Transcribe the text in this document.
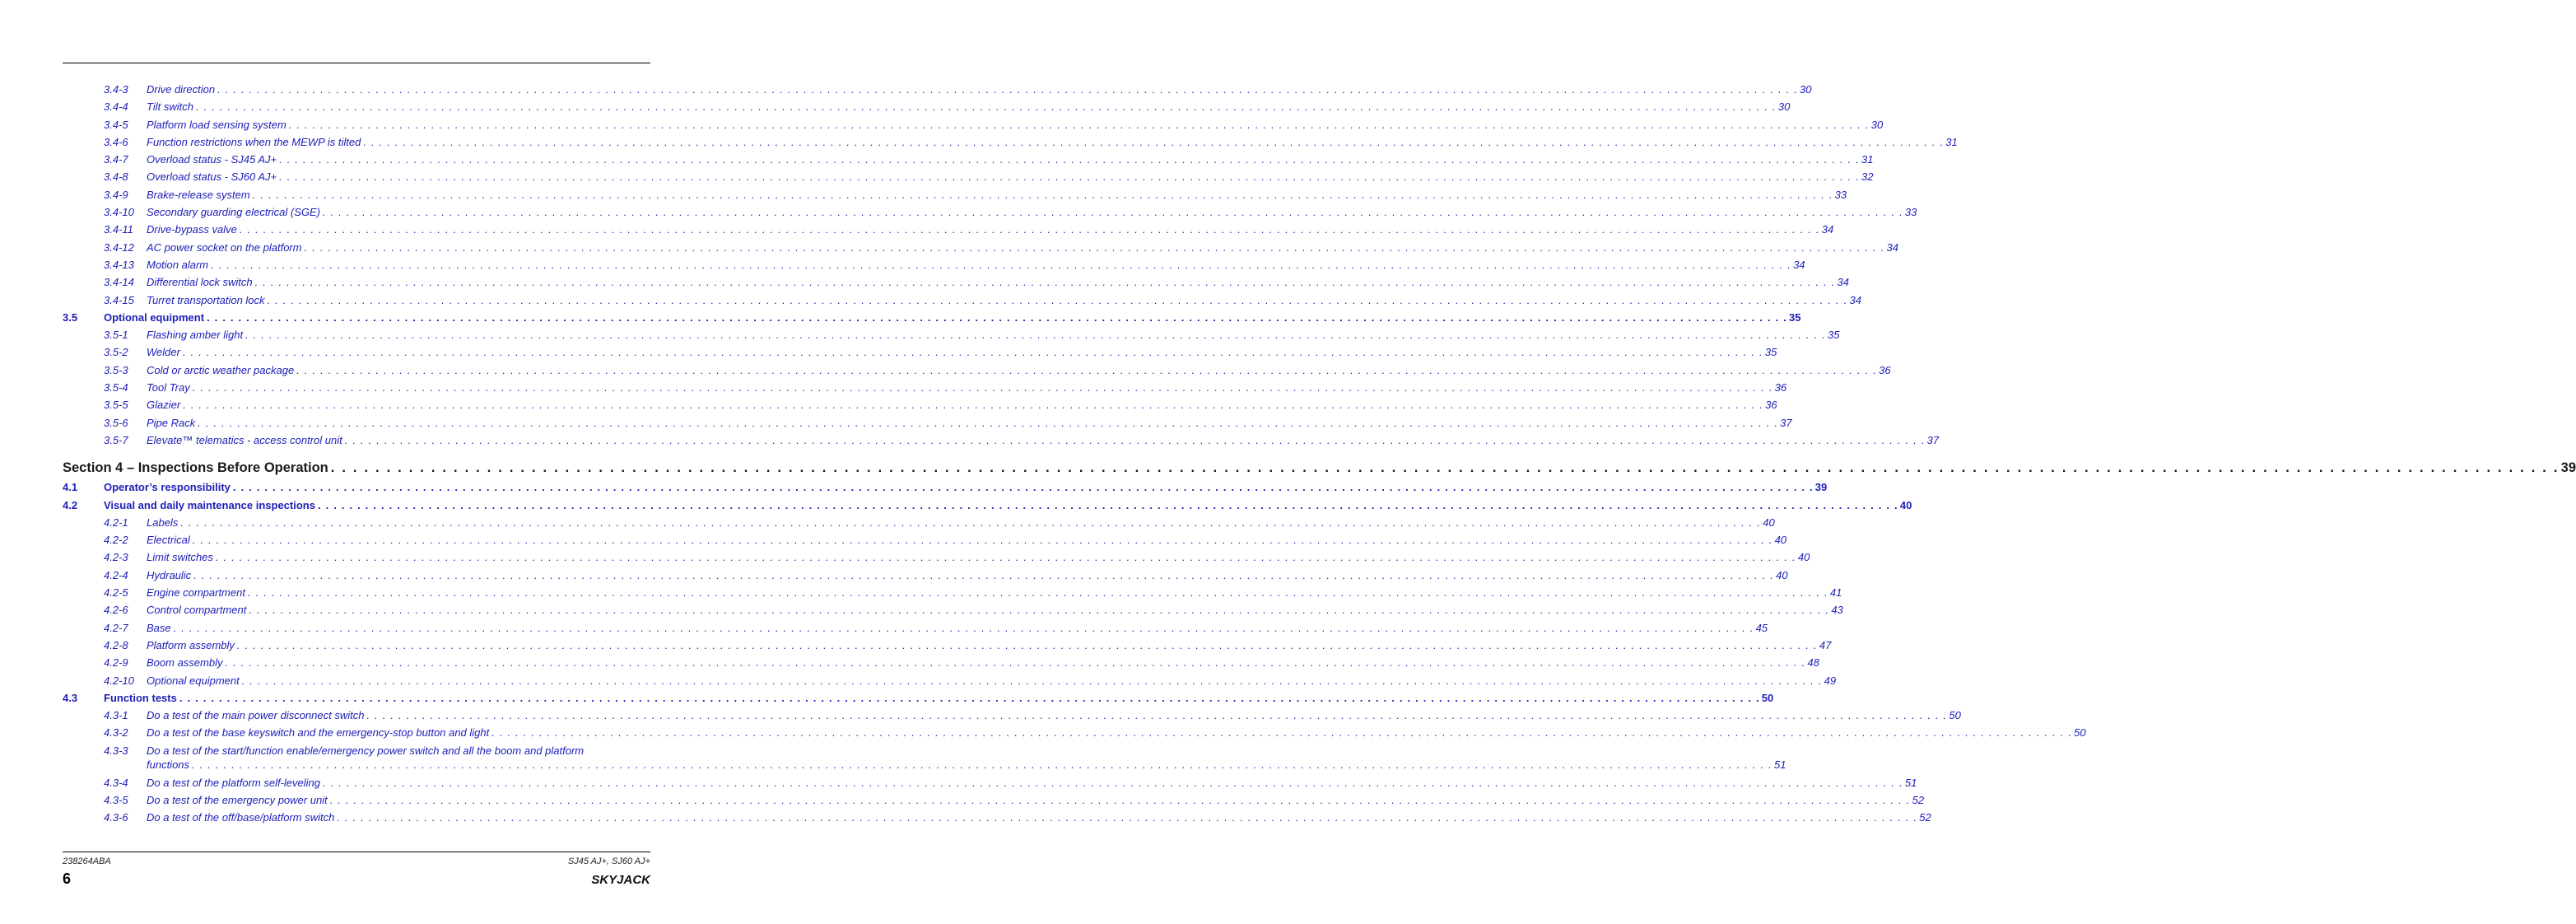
3.4-3	Drive direction . . . . . . . . . . . . . . . . . . . . . . . . . . . . . . . . . . . . . . . . . . . . . . . . . . . . . . . . . . . . . . . . . . . . . . . . . . . . . . . . . . . . . . . . . . . . . . . . . . . . . . . . . . . . . . . . . . . . . . . . . . . . . . . . . . . . . . . . . . . . . . . . . . . . . . . . . . . . . . . . . . . . . . . . . . . . . . . . . . . . . . . . . . . . . . . . . . . . . . . . 30
3.4-4	Tilt switch . . . . . . . . . . . . . . . . . . . . . . . . . . . . . . . . . . . . . . . . . . . . . . . . . . . . . . . . . . . . . . . . . . . . . . . . . . . . . . . . . . . . . . . . . . . . . . . . . . . . . . . . . . . . . . . . . . . . . . . . . . . . . . . . . . . . . . . . . . . . . . . . . . . . . . . . . . . . . . . . . . . . . . . . . . . . . . . . . . . . . . . . . . . . . . . . . . . . . . . . 30
3.4-5	Platform load sensing system . . . . . . . . . . . . . . . . . . . . . . . . . . . . . . . . . . . . . . . . . . . . . . . . . . . . . . . . . . . . . . . . . . . . . . . . . . . . . . . . . . . . . . . . . . . . . . . . . . . . . . . . . . . . . . . . . . . . . . . . . . . . . . . . . . . . . . . . . . . . . . . . . . . . . . . . . . . . . . . . . . . . . . . . . . . . . . . . . . . . . . . . . . . . . . . . . . . . . . . . 30
3.4-6	Function restrictions when the MEWP is tilted . . . . . . . . . . . . . . . . . . . . . . . . . . . . . . . . . . . . . . . . . . . . . . . . . . . . . . . . . . . . . . . . . . . . . . . . . . . . . . . . . . . . . . . . . . . . . . . . . . . . . . . . . . . . . . . . . . . . . . . . . . . . . . . . . . . . . . . . . . . . . . . . . . . . . . . . . . . . . . . . . . . . . . . . . . . . . . . . . . . . . . . . . . . . . . . . . . . . . . . . 31
3.4-7	Overload status - SJ45 AJ+ . . . . . . . . . . . . . . . . . . . . . . . . . . . . . . . . . . . . . . . . . . . . . . . . . . . . . . . . . . . . . . . . . . . . . . . . . . . . . . . . . . . . . . . . . . . . . . . . . . . . . . . . . . . . . . . . . . . . . . . . . . . . . . . . . . . . . . . . . . . . . . . . . . . . . . . . . . . . . . . . . . . . . . . . . . . . . . . . . . . . . . . . . . . . . . . . . . . . . . . . 31
3.4-8	Overload status - SJ60 AJ+ . . . . . . . . . . . . . . . . . . . . . . . . . . . . . . . . . . . . . . . . . . . . . . . . . . . . . . . . . . . . . . . . . . . . . . . . . . . . . . . . . . . . . . . . . . . . . . . . . . . . . . . . . . . . . . . . . . . . . . . . . . . . . . . . . . . . . . . . . . . . . . . . . . . . . . . . . . . . . . . . . . . . . . . . . . . . . . . . . . . . . . . . . . . . . . . . . . . . . . . . 32
3.4-9	Brake-release system . . . . . . . . . . . . . . . . . . . . . . . . . . . . . . . . . . . . . . . . . . . . . . . . . . . . . . . . . . . . . . . . . . . . . . . . . . . . . . . . . . . . . . . . . . . . . . . . . . . . . . . . . . . . . . . . . . . . . . . . . . . . . . . . . . . . . . . . . . . . . . . . . . . . . . . . . . . . . . . . . . . . . . . . . . . . . . . . . . . . . . . . . . . . . . . . . . . . . . . . 33
3.4-10	Secondary guarding electrical (SGE) . . . . . . . . . . . . . . . . . . . . . . . . . . . . . . . . . . . . . . . . . . . . . . . . . . . . . . . . . . . . . . . . . . . . . . . . . . . . . . . . . . . . . . . . . . . . . . . . . . . . . . . . . . . . . . . . . . . . . . . . . . . . . . . . . . . . . . . . . . . . . . . . . . . . . . . . . . . . . . . . . . . . . . . . . . . . . . . . . . . . . . . . . . . . . . . . . . . . . . . . 33
3.4-11	Drive-bypass valve . . . . . . . . . . . . . . . . . . . . . . . . . . . . . . . . . . . . . . . . . . . . . . . . . . . . . . . . . . . . . . . . . . . . . . . . . . . . . . . . . . . . . . . . . . . . . . . . . . . . . . . . . . . . . . . . . . . . . . . . . . . . . . . . . . . . . . . . . . . . . . . . . . . . . . . . . . . . . . . . . . . . . . . . . . . . . . . . . . . . . . . . . . . . . . . . . . . . . . . . 34
3.4-12	AC power socket on the platform . . . . . . . . . . . . . . . . . . . . . . . . . . . . . . . . . . . . . . . . . . . . . . . . . . . . . . . . . . . . . . . . . . . . . . . . . . . . . . . . . . . . . . . . . . . . . . . . . . . . . . . . . . . . . . . . . . . . . . . . . . . . . . . . . . . . . . . . . . . . . . . . . . . . . . . . . . . . . . . . . . . . . . . . . . . . . . . . . . . . . . . . . . . . . . . . . . . . . . . . 34
3.4-13	Motion alarm . . . . . . . . . . . . . . . . . . . . . . . . . . . . . . . . . . . . . . . . . . . . . . . . . . . . . . . . . . . . . . . . . . . . . . . . . . . . . . . . . . . . . . . . . . . . . . . . . . . . . . . . . . . . . . . . . . . . . . . . . . . . . . . . . . . . . . . . . . . . . . . . . . . . . . . . . . . . . . . . . . . . . . . . . . . . . . . . . . . . . . . . . . . . . . . . . . . . . . . . 34
3.4-14	Differential lock switch . . . . . . . . . . . . . . . . . . . . . . . . . . . . . . . . . . . . . . . . . . . . . . . . . . . . . . . . . . . . . . . . . . . . . . . . . . . . . . . . . . . . . . . . . . . . . . . . . . . . . . . . . . . . . . . . . . . . . . . . . . . . . . . . . . . . . . . . . . . . . . . . . . . . . . . . . . . . . . . . . . . . . . . . . . . . . . . . . . . . . . . . . . . . . . . . . . . . . . . . 34
3.4-15	Turret transportation lock . . . . . . . . . . . . . . . . . . . . . . . . . . . . . . . . . . . . . . . . . . . . . . . . . . . . . . . . . . . . . . . . . . . . . . . . . . . . . . . . . . . . . . . . . . . . . . . . . . . . . . . . . . . . . . . . . . . . . . . . . . . . . . . . . . . . . . . . . . . . . . . . . . . . . . . . . . . . . . . . . . . . . . . . . . . . . . . . . . . . . . . . . . . . . . . . . . . . . . . . 34
3.5	Optional equipment . . . . . . . . . . . . . . . . . . . . . . . . . . . . . . . . . . . . . . . . . . . . . . . . . . . . . . . . . . . . . . . . . . . . . . . . . . . . . . . . . . . . . . . . . . . . . . . . . . . . . . . . . . . . . . . . . . . . . . . . . . . . . . . . . . . . . . . . . . . . . . . . . . . . . . . . . . . . . . . . . . . . . . . . . . . . . . . . . . . . . . . . . . . . . . . . . . . . . . . . 35
3.5-1	Flashing amber light . . . . . . . . . . . . . . . . . . . . . . . . . . . . . . . . . . . . . . . . . . . . . . . . . . . . . . . . . . . . . . . . . . . . . . . . . . . . . . . . . . . . . . . . . . . . . . . . . . . . . . . . . . . . . . . . . . . . . . . . . . . . . . . . . . . . . . . . . . . . . . . . . . . . . . . . . . . . . . . . . . . . . . . . . . . . . . . . . . . . . . . . . . . . . . . . . . . . . . . . 35
3.5-2	Welder . . . . . . . . . . . . . . . . . . . . . . . . . . . . . . . . . . . . . . . . . . . . . . . . . . . . . . . . . . . . . . . . . . . . . . . . . . . . . . . . . . . . . . . . . . . . . . . . . . . . . . . . . . . . . . . . . . . . . . . . . . . . . . . . . . . . . . . . . . . . . . . . . . . . . . . . . . . . . . . . . . . . . . . . . . . . . . . . . . . . . . . . . . . . . . . . . . . . . . . . 35
3.5-3	Cold or arctic weather package . . . . . . . . . . . . . . . . . . . . . . . . . . . . . . . . . . . . . . . . . . . . . . . . . . . . . . . . . . . . . . . . . . . . . . . . . . . . . . . . . . . . . . . . . . . . . . . . . . . . . . . . . . . . . . . . . . . . . . . . . . . . . . . . . . . . . . . . . . . . . . . . . . . . . . . . . . . . . . . . . . . . . . . . . . . . . . . . . . . . . . . . . . . . . . . . . . . . . . . . 36
3.5-4	Tool Tray . . . . . . . . . . . . . . . . . . . . . . . . . . . . . . . . . . . . . . . . . . . . . . . . . . . . . . . . . . . . . . . . . . . . . . . . . . . . . . . . . . . . . . . . . . . . . . . . . . . . . . . . . . . . . . . . . . . . . . . . . . . . . . . . . . . . . . . . . . . . . . . . . . . . . . . . . . . . . . . . . . . . . . . . . . . . . . . . . . . . . . . . . . . . . . . . . . . . . . . . 36
3.5-5	Glazier . . . . . . . . . . . . . . . . . . . . . . . . . . . . . . . . . . . . . . . . . . . . . . . . . . . . . . . . . . . . . . . . . . . . . . . . . . . . . . . . . . . . . . . . . . . . . . . . . . . . . . . . . . . . . . . . . . . . . . . . . . . . . . . . . . . . . . . . . . . . . . . . . . . . . . . . . . . . . . . . . . . . . . . . . . . . . . . . . . . . . . . . . . . . . . . . . . . . . . . . 36
3.5-6	Pipe Rack . . . . . . . . . . . . . . . . . . . . . . . . . . . . . . . . . . . . . . . . . . . . . . . . . . . . . . . . . . . . . . . . . . . . . . . . . . . . . . . . . . . . . . . . . . . . . . . . . . . . . . . . . . . . . . . . . . . . . . . . . . . . . . . . . . . . . . . . . . . . . . . . . . . . . . . . . . . . . . . . . . . . . . . . . . . . . . . . . . . . . . . . . . . . . . . . . . . . . . . . 37
3.5-7	Elevate™ telematics - access control unit . . . . . . . . . . . . . . . . . . . . . . . . . . . . . . . . . . . . . . . . . . . . . . . . . . . . . . . . . . . . . . . . . . . . . . . . . . . . . . . . . . . . . . . . . . . . . . . . . . . . . . . . . . . . . . . . . . . . . . . . . . . . . . . . . . . . . . . . . . . . . . . . . . . . . . . . . . . . . . . . . . . . . . . . . . . . . . . . . . . . . . . . . . . . . . . . . . . . . . . . 37
Section 4 – Inspections Before Operation . . . . . . . . . . . . . . . . . . . . . . . . . . . . . . . . . . . . . . . . . . . . . . . . . . . . . . . . . . . . . . . . . . . . . . . . . . . . . . . . . . . . . . . . . . . . . . . . . . . . . . . . . . . . . . . . . . . . . . . . . . . . . . . . . . . . . . . . . . . . . . . . . . . . . . . . . . . . . . . . . . . . . . . . . . . . . . . . . . . . . . . . . . . . . . . . . . . . . . . . 39
4.1	Operator’s responsibility . . . . . . . . . . . . . . . . . . . . . . . . . . . . . . . . . . . . . . . . . . . . . . . . . . . . . . . . . . . . . . . . . . . . . . . . . . . . . . . . . . . . . . . . . . . . . . . . . . . . . . . . . . . . . . . . . . . . . . . . . . . . . . . . . . . . . . . . . . . . . . . . . . . . . . . . . . . . . . . . . . . . . . . . . . . . . . . . . . . . . . . . . . . . . . . . . . . . . . . . 39
4.2	Visual and daily maintenance inspections . . . . . . . . . . . . . . . . . . . . . . . . . . . . . . . . . . . . . . . . . . . . . . . . . . . . . . . . . . . . . . . . . . . . . . . . . . . . . . . . . . . . . . . . . . . . . . . . . . . . . . . . . . . . . . . . . . . . . . . . . . . . . . . . . . . . . . . . . . . . . . . . . . . . . . . . . . . . . . . . . . . . . . . . . . . . . . . . . . . . . . . . . . . . . . . . . . . . . . . . 40
4.2-1	Labels . . . . . . . . . . . . . . . . . . . . . . . . . . . . . . . . . . . . . . . . . . . . . . . . . . . . . . . . . . . . . . . . . . . . . . . . . . . . . . . . . . . . . . . . . . . . . . . . . . . . . . . . . . . . . . . . . . . . . . . . . . . . . . . . . . . . . . . . . . . . . . . . . . . . . . . . . . . . . . . . . . . . . . . . . . . . . . . . . . . . . . . . . . . . . . . . . . . . . . . . 40
4.2-2	Electrical . . . . . . . . . . . . . . . . . . . . . . . . . . . . . . . . . . . . . . . . . . . . . . . . . . . . . . . . . . . . . . . . . . . . . . . . . . . . . . . . . . . . . . . . . . . . . . . . . . . . . . . . . . . . . . . . . . . . . . . . . . . . . . . . . . . . . . . . . . . . . . . . . . . . . . . . . . . . . . . . . . . . . . . . . . . . . . . . . . . . . . . . . . . . . . . . . . . . . . . . 40
4.2-3	Limit switches . . . . . . . . . . . . . . . . . . . . . . . . . . . . . . . . . . . . . . . . . . . . . . . . . . . . . . . . . . . . . . . . . . . . . . . . . . . . . . . . . . . . . . . . . . . . . . . . . . . . . . . . . . . . . . . . . . . . . . . . . . . . . . . . . . . . . . . . . . . . . . . . . . . . . . . . . . . . . . . . . . . . . . . . . . . . . . . . . . . . . . . . . . . . . . . . . . . . . . . . 40
4.2-4	Hydraulic . . . . . . . . . . . . . . . . . . . . . . . . . . . . . . . . . . . . . . . . . . . . . . . . . . . . . . . . . . . . . . . . . . . . . . . . . . . . . . . . . . . . . . . . . . . . . . . . . . . . . . . . . . . . . . . . . . . . . . . . . . . . . . . . . . . . . . . . . . . . . . . . . . . . . . . . . . . . . . . . . . . . . . . . . . . . . . . . . . . . . . . . . . . . . . . . . . . . . . . . 40
4.2-5	Engine compartment . . . . . . . . . . . . . . . . . . . . . . . . . . . . . . . . . . . . . . . . . . . . . . . . . . . . . . . . . . . . . . . . . . . . . . . . . . . . . . . . . . . . . . . . . . . . . . . . . . . . . . . . . . . . . . . . . . . . . . . . . . . . . . . . . . . . . . . . . . . . . . . . . . . . . . . . . . . . . . . . . . . . . . . . . . . . . . . . . . . . . . . . . . . . . . . . . . . . . . . . 41
4.2-6	Control compartment . . . . . . . . . . . . . . . . . . . . . . . . . . . . . . . . . . . . . . . . . . . . . . . . . . . . . . . . . . . . . . . . . . . . . . . . . . . . . . . . . . . . . . . . . . . . . . . . . . . . . . . . . . . . . . . . . . . . . . . . . . . . . . . . . . . . . . . . . . . . . . . . . . . . . . . . . . . . . . . . . . . . . . . . . . . . . . . . . . . . . . . . . . . . . . . . . . . . . . . . 43
4.2-7	Base . . . . . . . . . . . . . . . . . . . . . . . . . . . . . . . . . . . . . . . . . . . . . . . . . . . . . . . . . . . . . . . . . . . . . . . . . . . . . . . . . . . . . . . . . . . . . . . . . . . . . . . . . . . . . . . . . . . . . . . . . . . . . . . . . . . . . . . . . . . . . . . . . . . . . . . . . . . . . . . . . . . . . . . . . . . . . . . . . . . . . . . . . . . . . . . . . . . . . . . . 45
4.2-8	Platform assembly . . . . . . . . . . . . . . . . . . . . . . . . . . . . . . . . . . . . . . . . . . . . . . . . . . . . . . . . . . . . . . . . . . . . . . . . . . . . . . . . . . . . . . . . . . . . . . . . . . . . . . . . . . . . . . . . . . . . . . . . . . . . . . . . . . . . . . . . . . . . . . . . . . . . . . . . . . . . . . . . . . . . . . . . . . . . . . . . . . . . . . . . . . . . . . . . . . . . . . . . 47
4.2-9	Boom assembly . . . . . . . . . . . . . . . . . . . . . . . . . . . . . . . . . . . . . . . . . . . . . . . . . . . . . . . . . . . . . . . . . . . . . . . . . . . . . . . . . . . . . . . . . . . . . . . . . . . . . . . . . . . . . . . . . . . . . . . . . . . . . . . . . . . . . . . . . . . . . . . . . . . . . . . . . . . . . . . . . . . . . . . . . . . . . . . . . . . . . . . . . . . . . . . . . . . . . . . . 48
4.2-10	Optional equipment . . . . . . . . . . . . . . . . . . . . . . . . . . . . . . . . . . . . . . . . . . . . . . . . . . . . . . . . . . . . . . . . . . . . . . . . . . . . . . . . . . . . . . . . . . . . . . . . . . . . . . . . . . . . . . . . . . . . . . . . . . . . . . . . . . . . . . . . . . . . . . . . . . . . . . . . . . . . . . . . . . . . . . . . . . . . . . . . . . . . . . . . . . . . . . . . . . . . . . . . 49
4.3	Function tests . . . . . . . . . . . . . . . . . . . . . . . . . . . . . . . . . . . . . . . . . . . . . . . . . . . . . . . . . . . . . . . . . . . . . . . . . . . . . . . . . . . . . . . . . . . . . . . . . . . . . . . . . . . . . . . . . . . . . . . . . . . . . . . . . . . . . . . . . . . . . . . . . . . . . . . . . . . . . . . . . . . . . . . . . . . . . . . . . . . . . . . . . . . . . . . . . . . . . . . . 50
4.3-1	Do a test of the main power disconnect switch . . . . . . . . . . . . . . . . . . . . . . . . . . . . . . . . . . . . . . . . . . . . . . . . . . . . . . . . . . . . . . . . . . . . . . . . . . . . . . . . . . . . . . . . . . . . . . . . . . . . . . . . . . . . . . . . . . . . . . . . . . . . . . . . . . . . . . . . . . . . . . . . . . . . . . . . . . . . . . . . . . . . . . . . . . . . . . . . . . . . . . . . . . . . . . . . . . . . . . . . 50
4.3-2	Do a test of the base keyswitch and the emergency-stop button and light . . . . . . . . . . . . . . . . . . . . . . . . . . . . . . . . . . . . . . . . . . . . . . . . . . . . . . . . . . . . . . . . . . . . . . . . . . . . . . . . . . . . . . . . . . . . . . . . . . . . . . . . . . . . . . . . . . . . . . . . . . . . . . . . . . . . . . . . . . . . . . . . . . . . . . . . . . . . . . . . . . . . . . . . . . . . . . . . . . . . . . . . . . . . . . . . . . . . . . . . 50
4.3-3	Do a test of the start/function enable/emergency power switch and all the boom and platform
functions . . . . . . . . . . . . . . . . . . . . . . . . . . . . . . . . . . . . . . . . . . . . . . . . . . . . . . . . . . . . . . . . . . . . . . . . . . . . . . . . . . . . . . . . . . . . . . . . . . . . . . . . . . . . . . . . . . . . . . . . . . . . . . . . . . . . . . . . . . . . . . . . . . . . . . . . . . . . . . . . . . . . . . . . . . . . . . . . . . . . . . . . . . . . . . . . . . . . . . . . 51
4.3-4	Do a test of the platform self-leveling . . . . . . . . . . . . . . . . . . . . . . . . . . . . . . . . . . . . . . . . . . . . . . . . . . . . . . . . . . . . . . . . . . . . . . . . . . . . . . . . . . . . . . . . . . . . . . . . . . . . . . . . . . . . . . . . . . . . . . . . . . . . . . . . . . . . . . . . . . . . . . . . . . . . . . . . . . . . . . . . . . . . . . . . . . . . . . . . . . . . . . . . . . . . . . . . . . . . . . . . 51
4.3-5	Do a test of the emergency power unit . . . . . . . . . . . . . . . . . . . . . . . . . . . . . . . . . . . . . . . . . . . . . . . . . . . . . . . . . . . . . . . . . . . . . . . . . . . . . . . . . . . . . . . . . . . . . . . . . . . . . . . . . . . . . . . . . . . . . . . . . . . . . . . . . . . . . . . . . . . . . . . . . . . . . . . . . . . . . . . . . . . . . . . . . . . . . . . . . . . . . . . . . . . . . . . . . . . . . . . . 52
4.3-6	Do a test of the off/base/platform switch . . . . . . . . . . . . . . . . . . . . . . . . . . . . . . . . . . . . . . . . . . . . . . . . . . . . . . . . . . . . . . . . . . . . . . . . . . . . . . . . . . . . . . . . . . . . . . . . . . . . . . . . . . . . . . . . . . . . . . . . . . . . . . . . . . . . . . . . . . . . . . . . . . . . . . . . . . . . . . . . . . . . . . . . . . . . . . . . . . . . . . . . . . . . . . . . . . . . . . . . 52
238264ABA	SJ45 AJ+, SJ60 AJ+
6	SKYJACK
